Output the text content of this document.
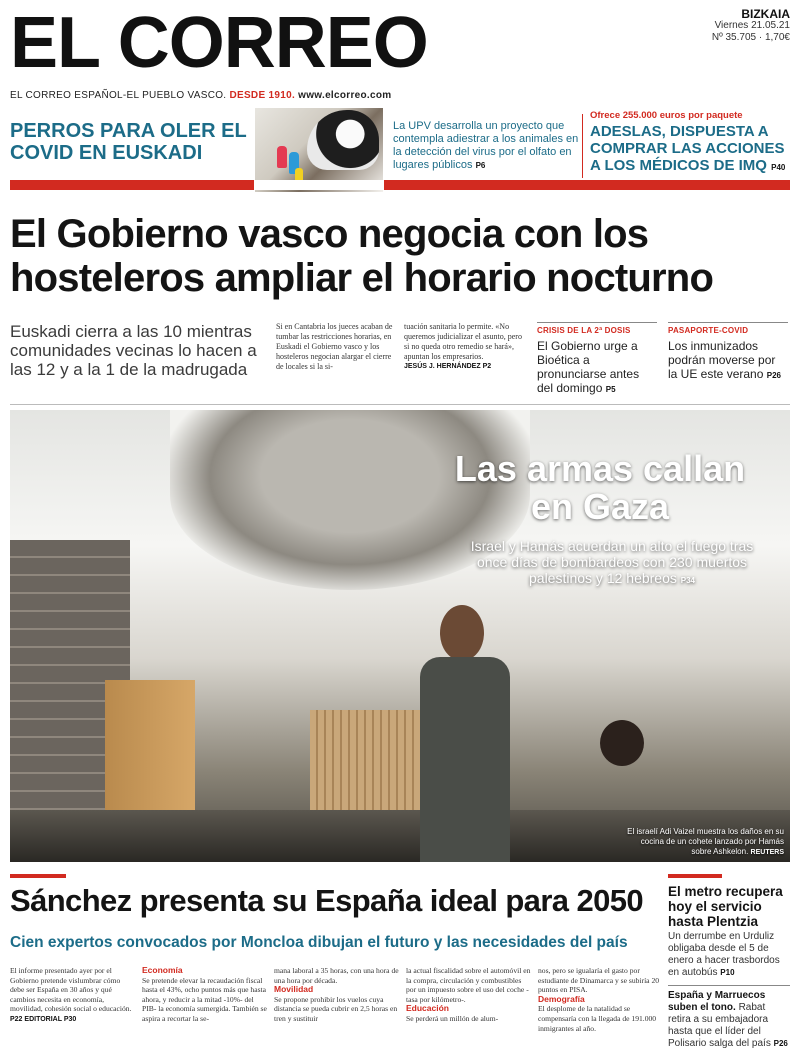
EL CORREO
EL CORREO ESPAÑOL-EL PUEBLO VASCO. DESDE 1910. www.elcorreo.com
BIZKAIA
Viernes 21.05.21
Nº 35.705 · 1,70€
PERROS PARA OLER EL COVID EN EUSKADI
La UPV desarrolla un proyecto que contempla adiestrar a los animales en la detección del virus por el olfato en lugares públicos P6
Ofrece 255.000 euros por paquete
ADESLAS, DISPUESTA A COMPRAR LAS ACCIONES A LOS MÉDICOS DE IMQ P40
El Gobierno vasco negocia con los hosteleros ampliar el horario nocturno
Euskadi cierra a las 10 mientras comunidades vecinas lo hacen a las 12 y a la 1 de la madrugada
Si en Cantabria los jueces acaban de tumbar las restricciones horarias, en Euskadi el Gobierno vasco y los hosteleros negocian alargar el cierre de locales si la si-
tuación sanitaria lo permite. «No queremos judicializar el asunto, pero si no queda otro remedio se hará», apuntan los empresarios.
JESÚS J. HERNÁNDEZ P2
CRISIS DE LA 2ª DOSIS
El Gobierno urge a Bioética a pronunciarse antes del domingo P5
PASAPORTE-COVID
Los inmunizados podrán moverse por la UE este verano P26
Las armas callan en Gaza
Israel y Hamás acuerdan un alto el fuego tras once días de bombardeos con 230 muertos palestinos y 12 hebreos P34
El israelí Adi Vaizel muestra los daños en su cocina de un cohete lanzado por Hamás sobre Ashkelon. REUTERS
Sánchez presenta su España ideal para 2050
Cien expertos convocados por Moncloa dibujan el futuro y las necesidades del país
El informe presentado ayer por el Gobierno pretende vislumbrar cómo debe ser España en 30 años y qué cambios necesita en economía, movilidad, cohesión social o educación. P22 EDITORIAL P30
Economía
Se pretende elevar la recaudación fiscal hasta el 43%, ocho puntos más que hasta ahora, y reducir a la mitad -10%- del PIB- la economía sumergida. También se aspira a recortar la se-
mana laboral a 35 horas, con una hora de una hora por década.
Movilidad
Se propone prohibir los vuelos cuya distancia se pueda cubrir en 2,5 horas en tren y sustituir
la actual fiscalidad sobre el automóvil en la compra, circulación y combustibles por un impuesto sobre el uso del coche -tasa por kilómetro-.
Educación
Se perderá un millón de alum-
nos, pero se igualaría el gasto por estudiante de Dinamarca y se subiría 20 puntos en PISA.
Demografía
El desplome de la natalidad se compensaría con la llegada de 191.000 inmigrantes al año.
El metro recupera hoy el servicio hasta Plentzia
Un derrumbe en Urduliz obligaba desde el 5 de enero a hacer trasbordos en autobús P10
España y Marruecos suben el tono. Rabat retira a su embajadora hasta que el líder del Polisario salga del país P26
